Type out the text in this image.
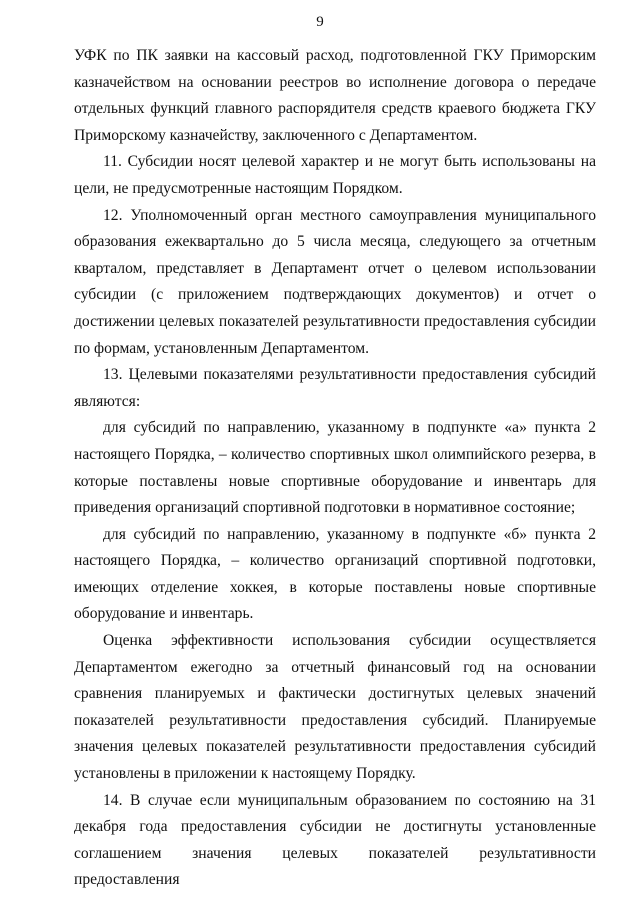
9

УФК по ПК заявки на кассовый расход, подготовленной ГКУ Приморским казначейством на основании реестров во исполнение договора о передаче отдельных функций главного распорядителя средств краевого бюджета ГКУ Приморскому казначейству, заключенного с Департаментом.

11. Субсидии носят целевой характер и не могут быть использованы на цели, не предусмотренные настоящим Порядком.

12. Уполномоченный орган местного самоуправления муниципального образования ежеквартально до 5 числа месяца, следующего за отчетным кварталом, представляет в Департамент отчет о целевом использовании субсидии (с приложением подтверждающих документов) и отчет о достижении целевых показателей результативности предоставления субсидии по формам, установленным Департаментом.

13. Целевыми показателями результативности предоставления субсидий являются:

для субсидий по направлению, указанному в подпункте «а» пункта 2 настоящего Порядка, – количество спортивных школ олимпийского резерва, в которые поставлены новые спортивные оборудование и инвентарь для приведения организаций спортивной подготовки в нормативное состояние;

для субсидий по направлению, указанному в подпункте «б» пункта 2 настоящего Порядка, – количество организаций спортивной подготовки, имеющих отделение хоккея, в которые поставлены новые спортивные оборудование и инвентарь.

Оценка эффективности использования субсидии осуществляется Департаментом ежегодно за отчетный финансовый год на основании сравнения планируемых и фактически достигнутых целевых значений показателей результативности предоставления субсидий. Планируемые значения целевых показателей результативности предоставления субсидий установлены в приложении к настоящему Порядку.

14. В случае если муниципальным образованием по состоянию на 31 декабря года предоставления субсидии не достигнуты установленные соглашением значения целевых показателей результативности предоставления
